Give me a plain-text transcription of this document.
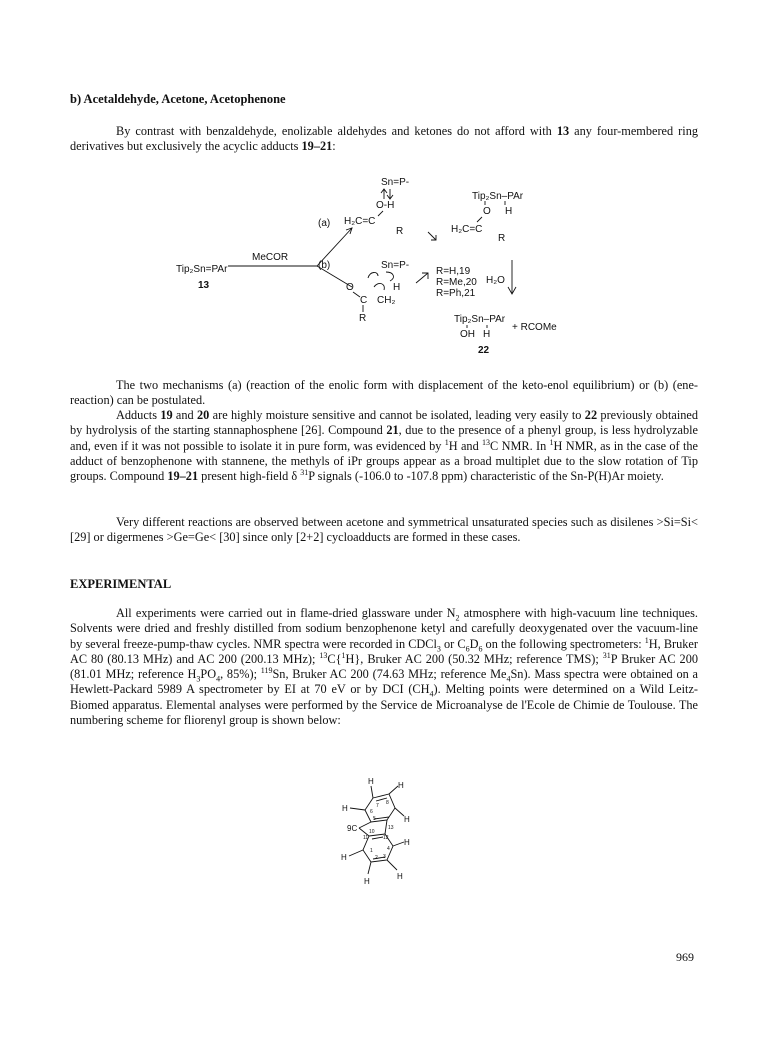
b) Acetaldehyde, Acetone, Acetophenone

By contrast with benzaldehyde, enolizable aldehydes and ketones do not afford with 13 any four-membered ring derivatives but exclusively the acyclic adducts 19–21:

Tip₂Sn=PAr
13
MeCOR
(a)
(b)
Sn=P-
O-H
H₂C=C
R
Sn=P-
O	H
C CH₂
R
Tip₂Sn–PAr
O H
H₂C=C
R
R=H,19
R=Me,20
R=Ph,21
H₂O
Tip₂Sn–PAr
+ RCOMe
OH H
22

The two mechanisms (a) (reaction of the enolic form with displacement of the keto-enol equilibrium) or (b) (ene-reaction) can be postulated.

Adducts 19 and 20 are highly moisture sensitive and cannot be isolated, leading very easily to 22 previously obtained by hydrolysis of the starting stannaphosphene [26]. Compound 21, due to the presence of a phenyl group, is less hydrolyzable and, even if it was not possible to isolate it in pure form, was evidenced by $^1$H and $^{13}$C NMR. In $^1$H NMR, as in the case of the adduct of benzophenone with stannene, the methyls of iPr groups appear as a broad multiplet due to the slow rotation of Tip groups. Compound 19–21 present high-field δ $^{31}$P signals (-106.0 to -107.8 ppm) characteristic of the Sn-P(H)Ar moiety.

Very different reactions are observed between acetone and symmetrical unsaturated species such as disilenes >Si=Si< [29] or digermenes >Ge=Ge< [30] since only [2+2] cycloadducts are formed in these cases.

EXPERIMENTAL

All experiments were carried out in flame-dried glassware under $N_2$ atmosphere with high-vacuum line techniques. Solvents were dried and freshly distilled from sodium benzophenone ketyl and carefully deoxygenated over the vacuum-line by several freeze-pump-thaw cycles. NMR spectra were recorded in CDCl$_3$ or $C_6D_6$ on the following spectrometers: $^1$H, Bruker AC 80 (80.13 MHz) and AC 200 (200.13 MHz); $^{13}$C{$^1$H}, Bruker AC 200 (50.32 MHz; reference TMS); $^{31}$P Bruker AC 200 (81.01 MHz; reference $H_3PO_4$, 85%); $^{119}$Sn, Bruker AC 200 (74.63 MHz; reference $Me_4Sn$). Mass spectra were obtained on a Hewlett-Packard 5989 A spectrometer by EI at 70 eV or by DCI $(CH_4)$. Melting points were determined on a Wild Leitz-Biomed apparatus. Elemental analyses were performed by the Service de Microanalyse de l'Ecole de Chimie de Toulouse. The numbering scheme for fliorenyl group is shown below:

H	H
H
H
H
H
H
H
9C
7 8
6
5
13
12
11
10
1
2 3
4
969
